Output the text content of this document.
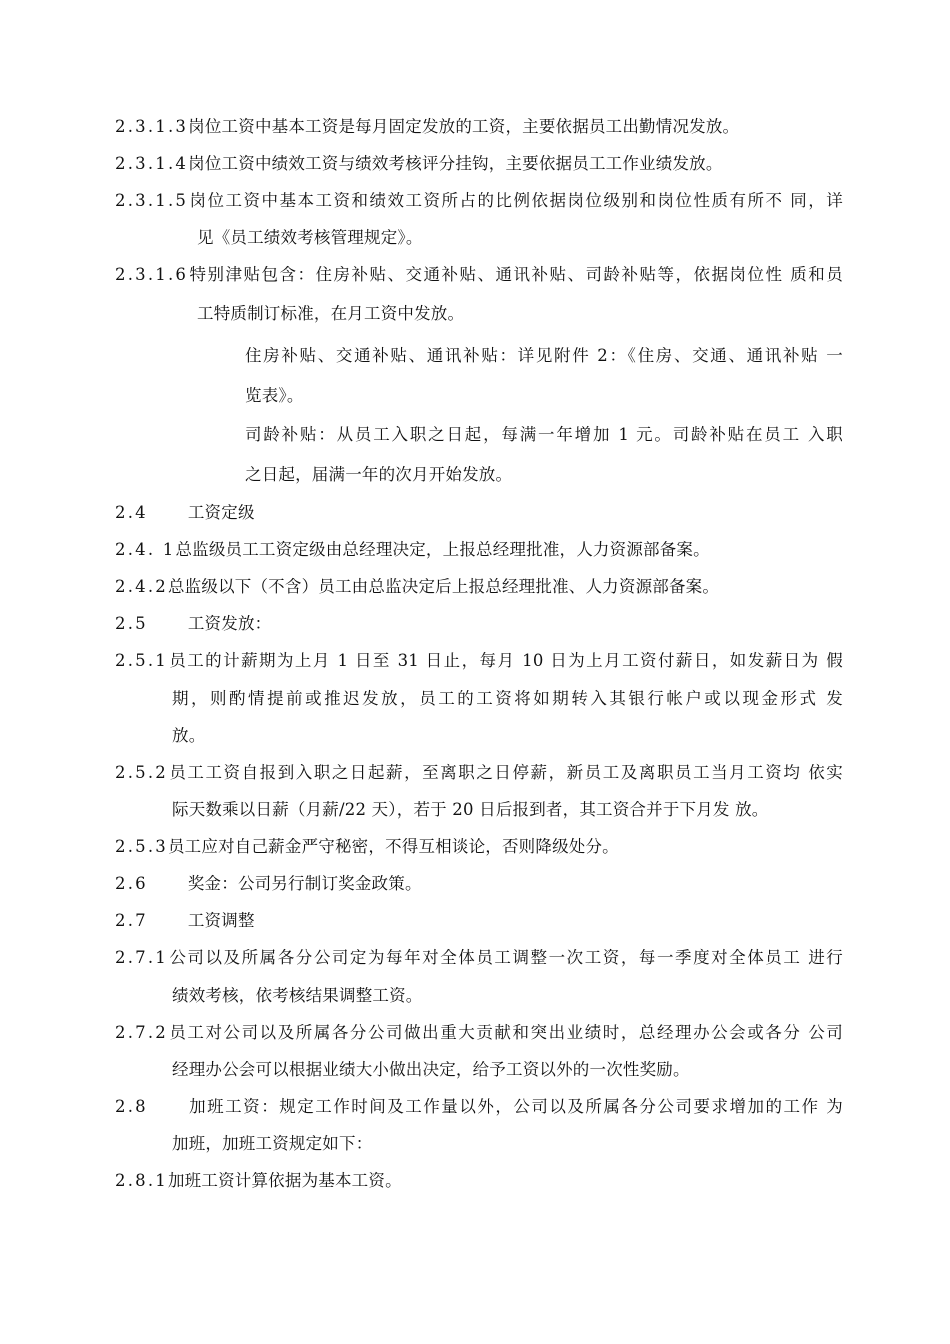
2.3.1.3岗位工资中基本工资是每月固定发放的工资，主要依据员工出勤情况发放。
2.3.1.4岗位工资中绩效工资与绩效考核评分挂钩，主要依据员工工作业绩发放。
2.3.1.5岗位工资中基本工资和绩效工资所占的比例依据岗位级别和岗位性质有所不 同，详
见《员工绩效考核管理规定》。
2.3.1.6特别津贴包含：住房补贴、交通补贴、通讯补贴、司龄补贴等，依据岗位性 质和员
工特质制订标准，在月工资中发放。
住房补贴、交通补贴、通讯补贴：详见附件 2：《住房、交通、通讯补贴 一
览表》。
司龄补贴：从员工入职之日起，每满一年增加 1 元。司龄补贴在员工 入职
之日起，届满一年的次月开始发放。
2.4 工资定级
2.4. 1总监级员工工资定级由总经理决定，上报总经理批准，人力资源部备案。
2.4.2总监级以下（不含）员工由总监决定后上报总经理批准、人力资源部备案。
2.5 工资发放：
2.5.1员工的计薪期为上月 1 日至 31 日止，每月 10 日为上月工资付薪日，如发薪日为 假
期，则酌情提前或推迟发放，员工的工资将如期转入其银行帐户或以现金形式 发
放。
2.5.2员工工资自报到入职之日起薪，至离职之日停薪，新员工及离职员工当月工资均 依实
际天数乘以日薪（月薪/22 天），若于 20 日后报到者，其工资合并于下月发 放。
2.5.3员工应对自己薪金严守秘密，不得互相谈论，否则降级处分。
2.6 奖金：公司另行制订奖金政策。
2.7 工资调整
2.7.1公司以及所属各分公司定为每年对全体员工调整一次工资，每一季度对全体员工 进行
绩效考核，依考核结果调整工资。
2.7.2员工对公司以及所属各分公司做出重大贡献和突出业绩时，总经理办公会或各分 公司
经理办公会可以根据业绩大小做出决定，给予工资以外的一次性奖励。
2.8 加班工资：规定工作时间及工作量以外，公司以及所属各分公司要求增加的工作 为
加班，加班工资规定如下：
2.8.1加班工资计算依据为基本工资。
